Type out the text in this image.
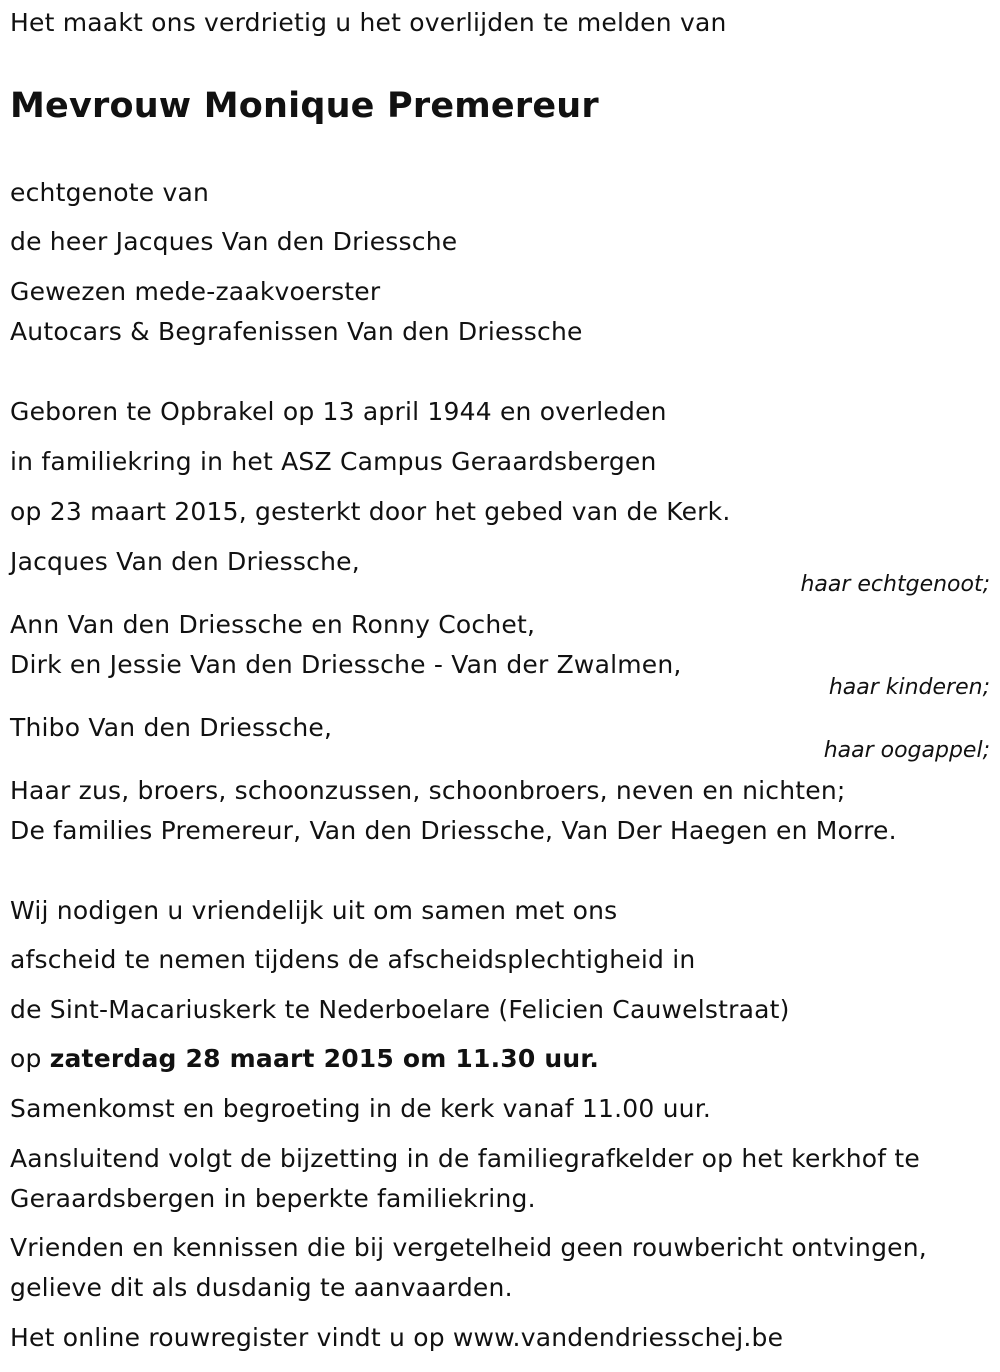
Het maakt ons verdrietig u het overlijden te melden van
Mevrouw Monique Premereur
echtgenote van
de heer Jacques Van den Driessche
Gewezen mede-zaakvoerster
Autocars & Begrafenissen Van den Driessche
Geboren te Opbrakel op 13 april 1944 en overleden
in familiekring in het ASZ Campus Geraardsbergen
op 23 maart 2015, gesterkt door het gebed van de Kerk.
Jacques Van den Driessche,
haar echtgenoot;
Ann Van den Driessche en Ronny Cochet,
Dirk en Jessie Van den Driessche - Van der Zwalmen,
haar kinderen;
Thibo Van den Driessche,
haar oogappel;
Haar zus, broers, schoonzussen, schoonbroers, neven en nichten;
De families Premereur, Van den Driessche, Van Der Haegen en Morre.
Wij nodigen u vriendelijk uit om samen met ons
afscheid te nemen tijdens de afscheidsplechtigheid in
de Sint-Macariuskerk te Nederboelare (Felicien Cauwelstraat)
op zaterdag 28 maart 2015 om 11.30 uur.
Samenkomst en begroeting in de kerk vanaf 11.00 uur.
Aansluitend volgt de bijzetting in de familiegrafkelder op het kerkhof te
Geraardsbergen in beperkte familiekring.
Vrienden en kennissen die bij vergetelheid geen rouwbericht ontvingen,
gelieve dit als dusdanig te aanvaarden.
Het online rouwregister vindt u op www.vandendriesschej.be
